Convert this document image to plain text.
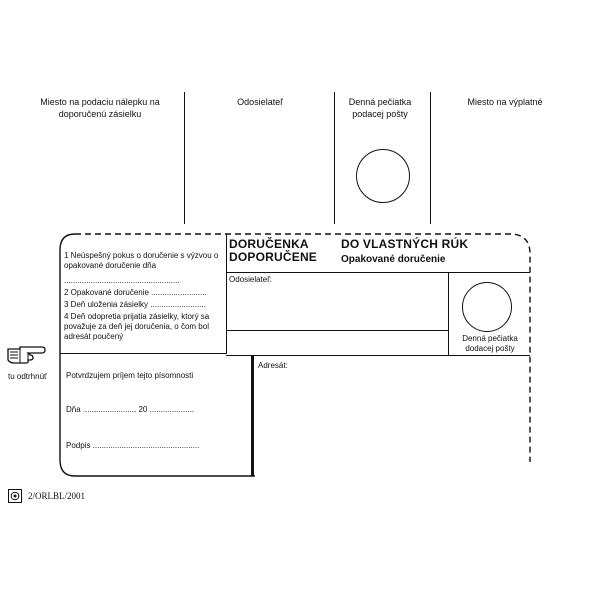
Miesto na podaciu nálepku na doporučenú zásielku
Odosielateľ	Denná pečiatka podacej pošty
Miesto na výplatné
1 Neúspešný pokus o doručenie s výzvou o opakované doručenie dňa
....................................................
2 Opakované doručenie .........................
3 Deň uloženia zásielky .........................
4 Deň odopretia prijatia zásielky, ktorý sa považuje za deň jej doručenia, o čom bol adresát poučený
DORUČENKA
DOPORUČENE
DO VLASTNÝCH RÚK
Opakované doručenie
Odosielateľ:
Denná pečiatka dodacej pošty
Potvrdzujem príjem tejto písomnosti
Dňa ........................ 20 ....................
Podpis ................................................
Adresát:
tu odtrhnúť
2/ORLBL/2001
